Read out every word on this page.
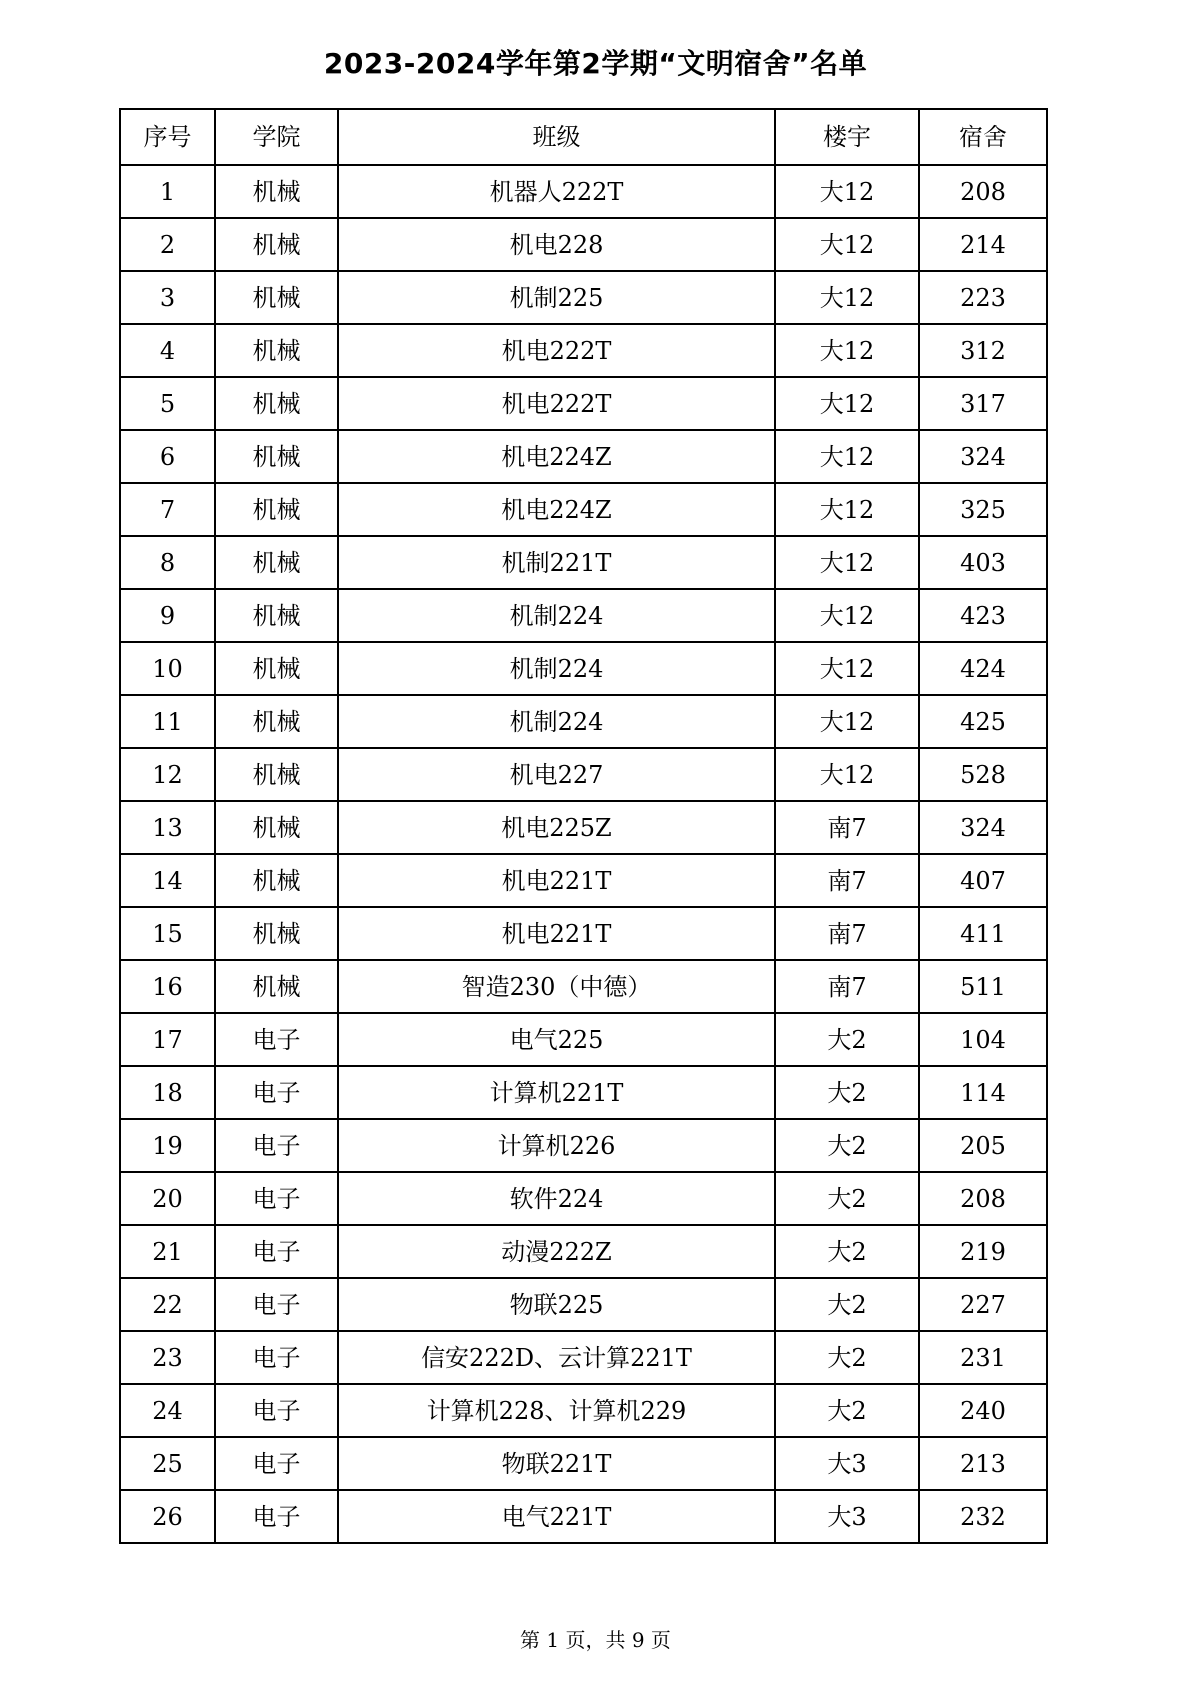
2023-2024学年第2学期“文明宿舍”名单
序号	学院	班级	楼宇	宿舍
1	机械	机器人222T	大12	208
2	机械	机电228	大12	214
3	机械	机制225	大12	223
4	机械	机电222T	大12	312
5	机械	机电222T	大12	317
6	机械	机电224Z	大12	324
7	机械	机电224Z	大12	325
8	机械	机制221T	大12	403
9	机械	机制224	大12	423
10	机械	机制224	大12	424
11	机械	机制224	大12	425
12	机械	机电227	大12	528
13	机械	机电225Z	南7	324
14	机械	机电221T	南7	407
15	机械	机电221T	南7	411
16	机械	智造230（中德）	南7	511
17	电子	电气225	大2	104
18	电子	计算机221T	大2	114
19	电子	计算机226	大2	205
20	电子	软件224	大2	208
21	电子	动漫222Z	大2	219
22	电子	物联225	大2	227
23	电子	信安222D、云计算221T	大2	231
24	电子	计算机228、计算机229	大2	240
25	电子	物联221T	大3	213
26	电子	电气221T	大3	232
第 1 页，共 9 页
